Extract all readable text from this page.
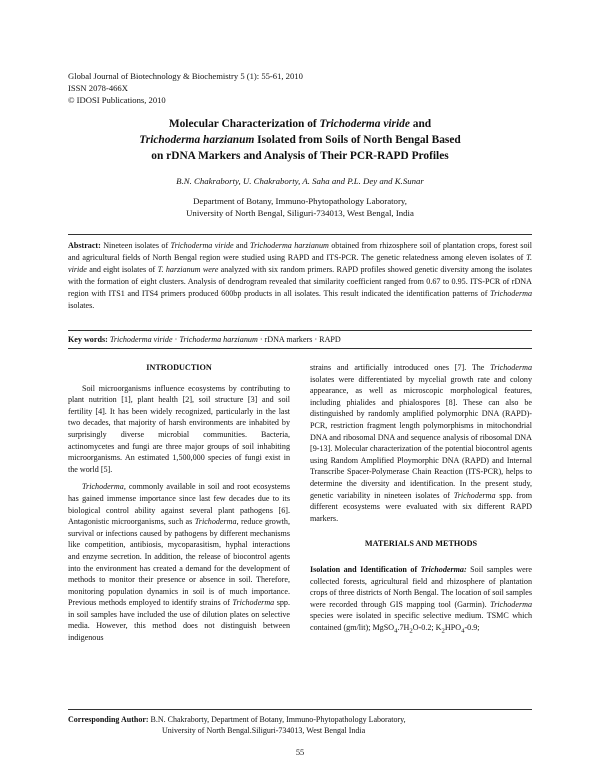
Global Journal of Biotechnology & Biochemistry 5 (1): 55-61, 2010
ISSN 2078-466X
© IDOSI Publications, 2010
Molecular Characterization of Trichoderma viride and
Trichoderma harzianum Isolated from Soils of North Bengal Based
on rDNA Markers and Analysis of Their PCR-RAPD Profiles
B.N. Chakraborty, U. Chakraborty, A. Saha and P.L. Dey and K.Sunar
Department of Botany, Immuno-Phytopathology Laboratory,
University of North Bengal, Siliguri-734013, West Bengal, India
Abstract: Nineteen isolates of Trichoderma viride and Trichoderma harzianum obtained from rhizosphere soil of plantation crops, forest soil and agricultural fields of North Bengal region were studied using RAPD and ITS-PCR. The genetic relatedness among eleven isolates of T. viride and eight isolates of T. harzianum were analyzed with six random primers. RAPD profiles showed genetic diversity among the isolates with the formation of eight clusters. Analysis of dendrogram revealed that similarity coefficient ranged from 0.67 to 0.95. ITS-PCR of rDNA region with ITS1 and ITS4 primers produced 600bp products in all isolates. This result indicated the identification patterns of Trichoderma isolates.
Key words: Trichoderma viride · Trichoderma harzianum · rDNA markers · RAPD

INTRODUCTION

Soil microorganisms influence ecosystems by contributing to plant nutrition [1], plant health [2], soil structure [3] and soil fertility [4]. It has been widely recognized, particularly in the last two decades, that majority of harsh environments are inhabited by surprisingly diverse microbial communities. Bacteria, actinomycetes and fungi are three major groups of soil inhabiting microorganisms. An estimated 1,500,000 species of fungi exist in the world [5].

Trichoderma, commonly available in soil and root ecosystems has gained immense importance since last few decades due to its biological control ability against several plant pathogens [6]. Antagonistic microorganisms, such as Trichoderma, reduce growth, survival or infections caused by pathogens by different mechanisms like competition, antibiosis, mycoparasitism, hyphal interactions and enzyme secretion. In addition, the release of biocontrol agents into the environment has created a demand for the development of methods to monitor their presence or absence in soil. Therefore, monitoring population dynamics in soil is of much importance. Previous methods employed to identify strains of Trichoderma spp. in soil samples have included the use of dilution plates on selective media. However, this method does not distinguish between indigenous

strains and artificially introduced ones [7]. The Trichoderma isolates were differentiated by mycelial growth rate and colony appearance, as well as microscopic morphological features, including phialides and phialospores [8]. These can also be distinguished by randomly amplified polymorphic DNA (RAPD)-PCR, restriction fragment length polymorphisms in mitochondrial DNA and ribosomal DNA and sequence analysis of ribosomal DNA [9-13]. Molecular characterization of the potential biocontrol agents using Random Amplified Ploymorphic DNA (RAPD) and Internal Transcribe Spacer-Polymerase Chain Reaction (ITS-PCR), helps to determine the diversity and identification. In the present study, genetic variability in nineteen isolates of Trichoderma spp. from different ecosystems were evaluated with six different RAPD markers.

MATERIALS AND METHODS

Isolation and Identification of Trichoderma: Soil samples were collected forests, agricultural field and rhizosphere of plantation crops of three districts of North Bengal. The location of soil samples were recorded through GIS mapping tool (Garmin). Trichoderma species were isolated in specific selective medium. TSMC which contained (gm/lit); $MgSO_4.7H_2O-0.2$; $K_2HPO_4-0.9$;

Corresponding Author: B.N. Chakraborty, Department of Botany, Immuno-Phytopathology Laboratory,
University of North Bengal.Siliguri-734013, West Bengal India
55
